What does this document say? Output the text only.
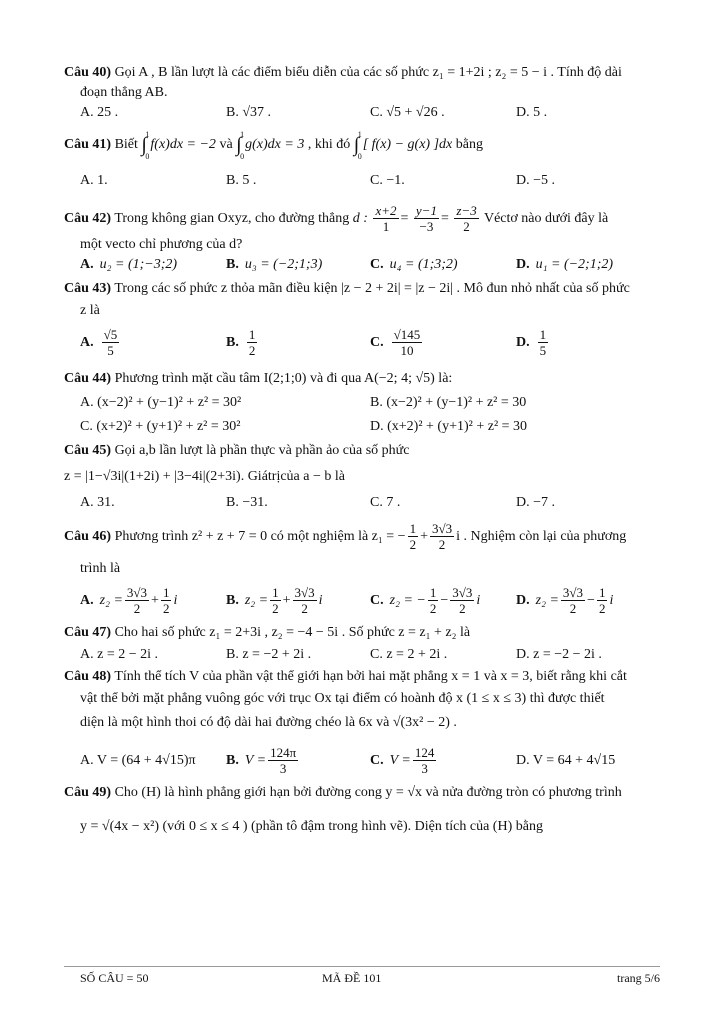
Câu 40) Gọi A , B lần lượt là các điểm biểu diễn của các số phức z₁ = 1+2i ; z₂ = 5 − i . Tính độ dài
đoạn thẳng AB.
A. 25 .	B. √37 .	C. √5 + √26 .	D. 5 .
Câu 41) Biết ∫
1
0
f(x)dx = −2 và ∫
1
0
g(x)dx = 3 , khi đó ∫
1
0
[ f(x) − g(x) ]dx bằng
A. 1.	B. 5 .	C. −1.	D. −5 .
Câu 42) Trong không gian Oxyz, cho đường thẳng d : $\frac{x+2}{1} = \frac{y-1}{-3} = \frac{z-3}{2}$ Véctơ nào dưới đây là
một vecto chỉ phương của d?
A. u₂ = (1;−3;2)	B. u₃ = (−2;1;3)	C. u₄ = (1;3;2)	D. u₁ = (−2;1;2)
Câu 43) Trong các số phức z thỏa mãn điều kiện |z − 2 + 2i| = |z − 2i| . Mô đun nhỏ nhất của số phức
z là
A. $\frac{√5}{5}$	B. $\frac{1}{2}$	C. $\frac{√145}{10}$	D. $\frac{1}{5}$
Câu 44) Phương trình mặt cầu tâm I(2;1;0) và đi qua A(−2; 4; √5) là:
A. (x−2)² + (y−1)² + z² = 30²	B. (x−2)² + (y−1)² + z² = 30
C. (x+2)² + (y+1)² + z² = 30²	D. (x+2)² + (y+1)² + z² = 30
Câu 45) Gọi a,b lần lượt là phần thực và phần ảo của số phức
z = |1−√3i|(1+2i) + |3−4i|(2+3i). Giátrịcủa a − b là
A. 31.	B. −31.	C. 7 .	D. −7 .
Câu 46) Phương trình z² + z + 7 = 0 có một nghiệm là z₁ = − $\frac{1}{2} + \frac{3√3}{2}$ i . Nghiệm còn lại của phương
trình là
A. $z_2 = \frac{3√3}{2} + \frac{1}{2}$ i	B. $z_2 = \frac{1}{2} + \frac{3√3}{2}$ i	C. z₂ = − $\frac{1}{2} - \frac{3√3}{2}$ i	D. $z_2 = \frac{3√3}{2} - \frac{1}{2}$ i
Câu 47) Cho hai số phức z₁ = 2+3i , z₂ = −4 − 5i . Số phức z = z₁ + z₂ là
A. z = 2 − 2i .	B. z = −2 + 2i .	C. z = 2 + 2i .	D. z = −2 − 2i .
Câu 48) Tính thể tích V của phần vật thể giới hạn bởi hai mặt phẳng x = 1 và x = 3, biết rằng khi cắt
vật thể bởi mặt phẳng vuông góc với trục Ox tại điểm có hoành độ x (1 ≤ x ≤ 3) thì được thiết
diện là một hình thoi có độ dài hai đường chéo là 6x và √(3x² − 2) .
A. V = (64 + 4√15)π B. $V = \frac{124\pi}{3}$	C. $V = \frac{124}{3}$	D. V = 64 + 4√15
Câu 49) Cho (H) là hình phẳng giới hạn bởi đường cong y = √x và nửa đường tròn có phương trình
y = √(4x − x²) (với 0 ≤ x ≤ 4 ) (phần tô đậm trong hình vẽ). Diện tích của (H) bằng
SỐ CÂU = 50	MÃ ĐỀ 101	trang 5/6
